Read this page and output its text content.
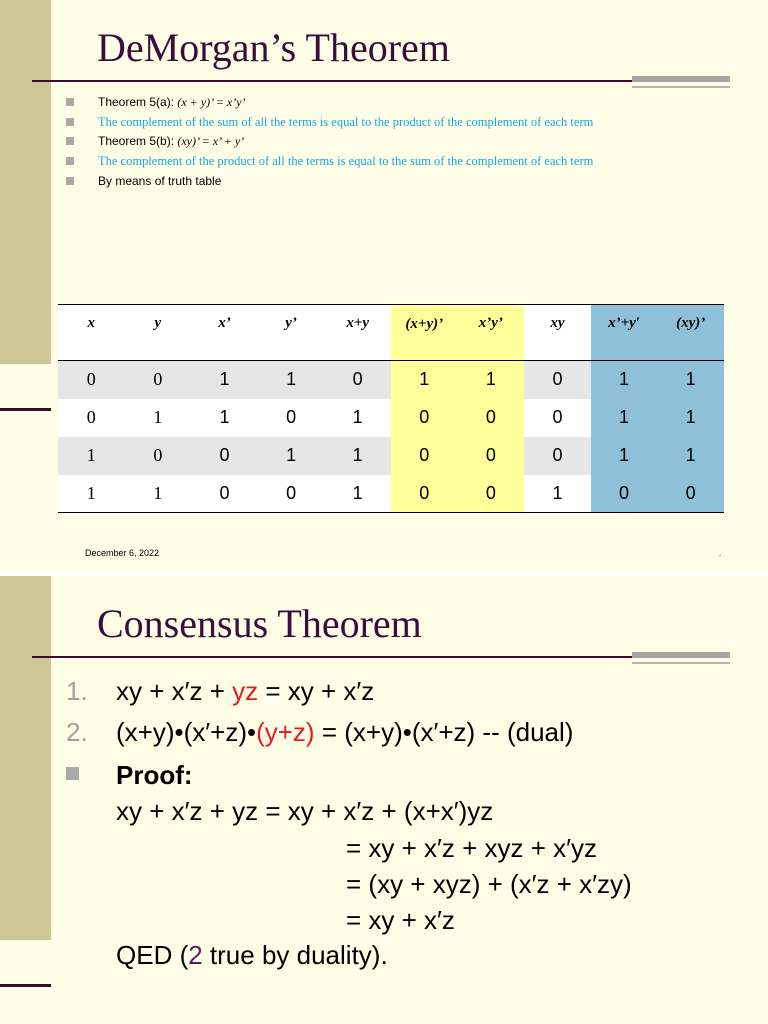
DeMorgan’s Theorem
Theorem 5(a): (x + y)’ = x’y’
The complement of the sum of all the terms is equal to the product of the complement of each term
Theorem 5(b): (xy)’ = x’ + y’
The complement of the product of all the terms is equal to the sum of the complement of each term
By means of truth table
x	y	x’	y’	x+y	(x+y)’	x’y’	xy	x’+y′	(xy)’
0	0	1	1	0	1	1	0	1	1
0	1	1	0	1	0	0	0	1	1
1	0	0	1	1	0	0	0	1	1
1	1	0	0	1	0	0	1	0	0
December 6, 2022	.
Consensus Theorem
1. xy + x′z + yz = xy + x′z
2. (x+y)•(x′+z)•(y+z) = (x+y)•(x′+z) -- (dual)
Proof:
xy + x′z + yz = xy + x′z + (x+x′)yz
= xy + x′z + xyz + x′yz
= (xy + xyz) + (x′z + x′zy)
= xy + x′z
QED (2 true by duality).
